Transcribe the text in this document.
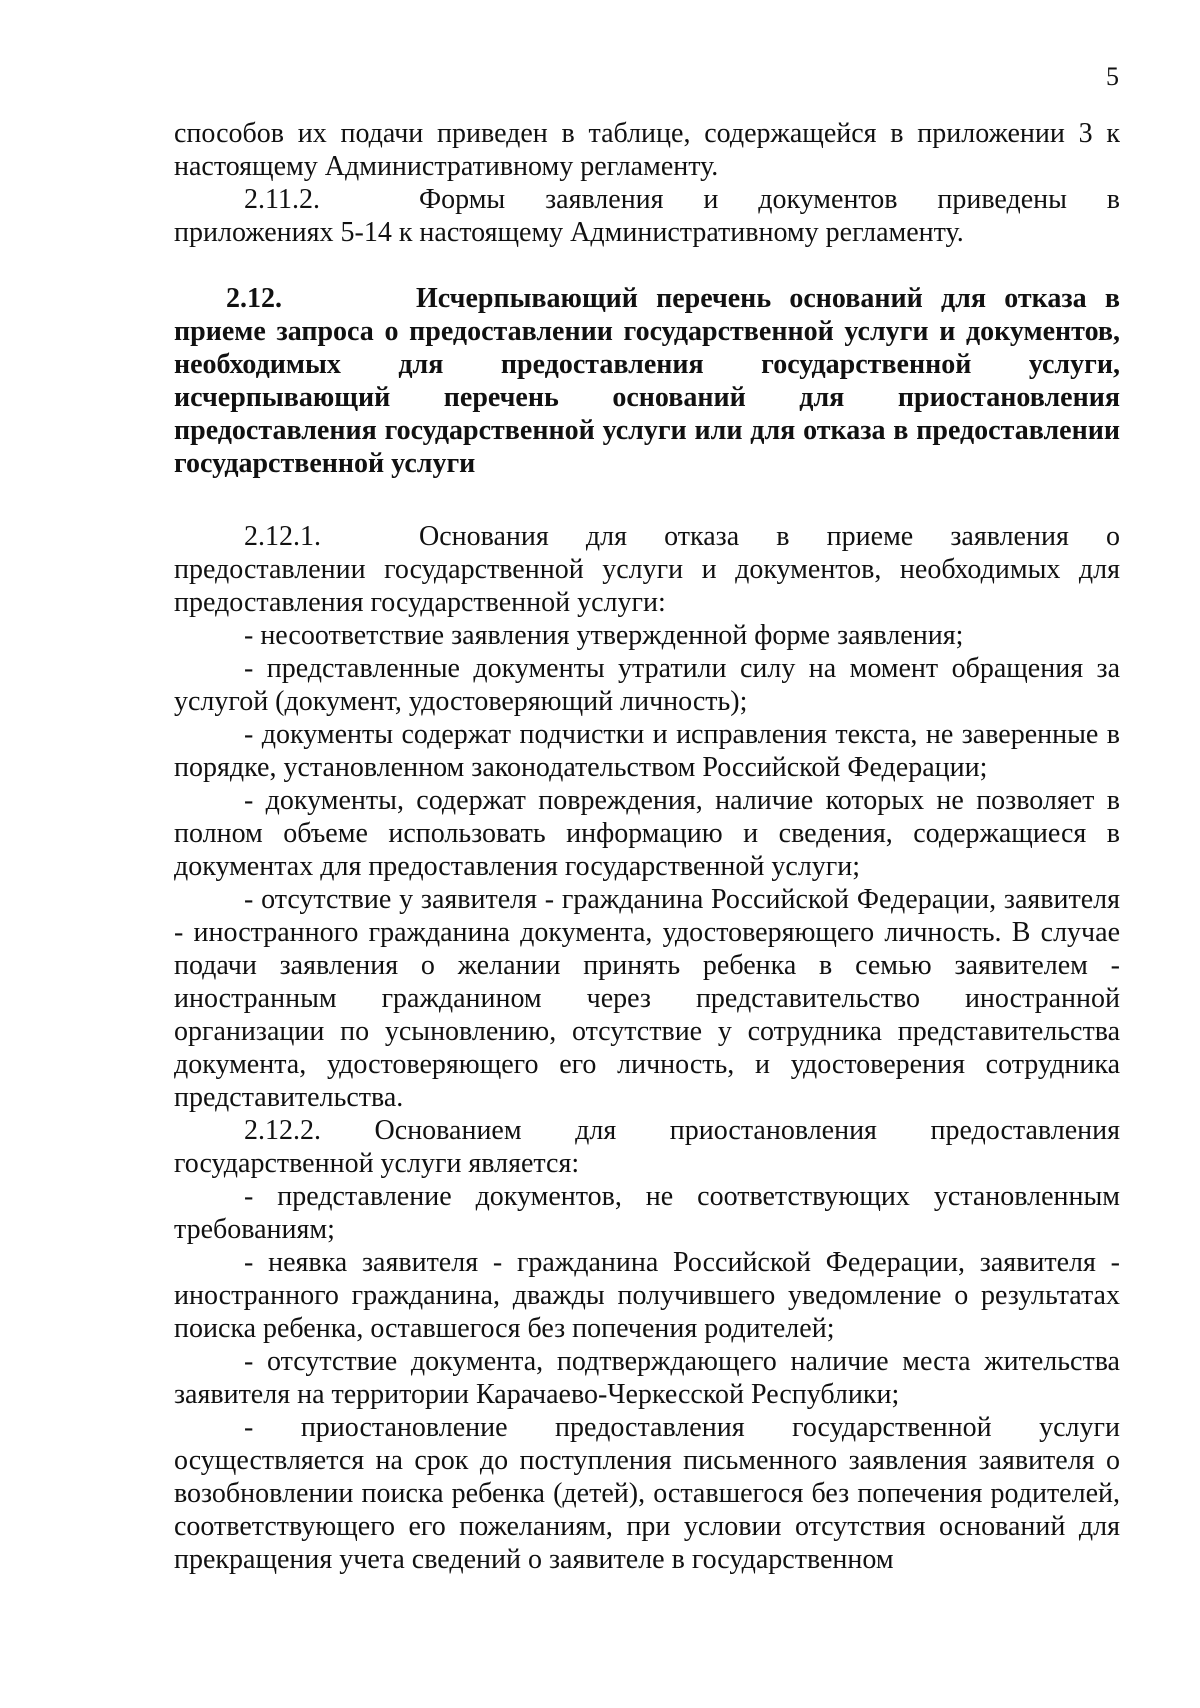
5

способов их подачи приведен в таблице, содержащейся в приложении 3 к настоящему Административному регламенту.

2.11.2.	Формы заявления и документов приведены в приложениях 5-14 к настоящему Административному регламенту.

2.12.	Исчерпывающий перечень оснований для отказа в приеме запроса о предоставлении государственной услуги и документов, необходимых для предоставления государственной услуги, исчерпывающий перечень оснований для приостановления предоставления государственной услуги или для отказа в предоставлении государственной услуги

2.12.1.	Основания для отказа в приеме заявления о предоставлении государственной услуги и документов, необходимых для предоставления государственной услуги:

- несоответствие заявления утвержденной форме заявления;

- представленные документы утратили силу на момент обращения за услугой (документ, удостоверяющий личность);

- документы содержат подчистки и исправления текста, не заверенные в порядке, установленном законодательством Российской Федерации;

- документы, содержат повреждения, наличие которых не позволяет в полном объеме использовать информацию и сведения, содержащиеся в документах для предоставления государственной услуги;

- отсутствие у заявителя - гражданина Российской Федерации, заявителя - иностранного гражданина документа, удостоверяющего личность. В случае подачи заявления о желании принять ребенка в семью заявителем - иностранным гражданином через представительство иностранной организации по усыновлению, отсутствие у сотрудника представительства документа, удостоверяющего его личность, и удостоверения сотрудника представительства.

2.12.2. Основанием для приостановления предоставления государственной услуги является:

- представление документов, не соответствующих установленным требованиям;

- неявка заявителя - гражданина Российской Федерации, заявителя - иностранного гражданина, дважды получившего уведомление о результатах поиска ребенка, оставшегося без попечения родителей;

- отсутствие документа, подтверждающего наличие места жительства заявителя на территории Карачаево-Черкесской Республики;

- приостановление предоставления государственной услуги осуществляется на срок до поступления письменного заявления заявителя о возобновлении поиска ребенка (детей), оставшегося без попечения родителей, соответствующего его пожеланиям, при условии отсутствия оснований для прекращения учета сведений о заявителе в государственном
